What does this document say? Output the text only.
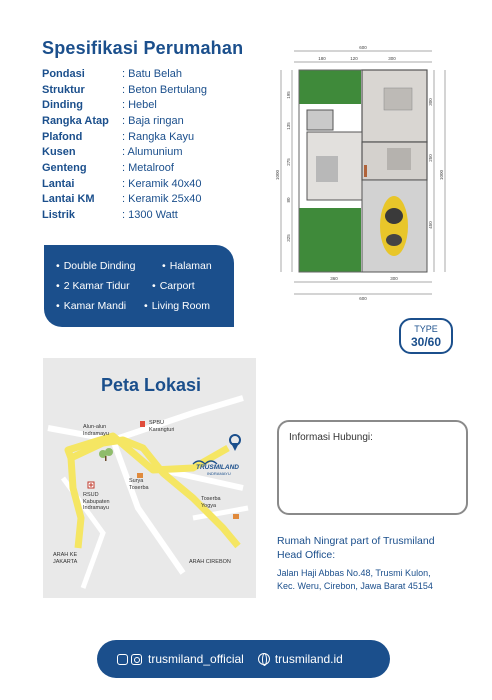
Spesifikasi Perumahan
Pondasi	: Batu Belah
Struktur	: Beton Bertulang
Dinding	: Hebel
Rangka Atap	: Baja ringan
Plafond	: Rangka Kayu
Kusen	: Alumunium
Genteng	: Metalroof
Lantai	: Keramik 40x40
Lantai KM	: Keramik 25x40
Listrik	: 1300 Watt
• Double Dinding	• Halaman
• 2 Kamar Tidur	• Carport
• Kamar Mandi	• Living Room
600
180	120	300
1000
195
135
275
80
325
300
250
450
1000
360	300
600
TYPE
30/60
Peta Lokasi
Alun-alun Indramayu
SPBU Karangturi
Surya Toserba
RSUD Kabupaten Indramayu
Toserba Yogya
ARAH KE JAKARTA	ARAH CIREBON
TRUSMILAND
INDRAMAYU
Informasi Hubungi:
Rumah Ningrat part of Trusmiland
Head Office:
Jalan Haji Abbas No.48, Trusmi Kulon,
Kec. Weru, Cirebon, Jawa Barat 45154
trusmiland_official	trusmiland.id
